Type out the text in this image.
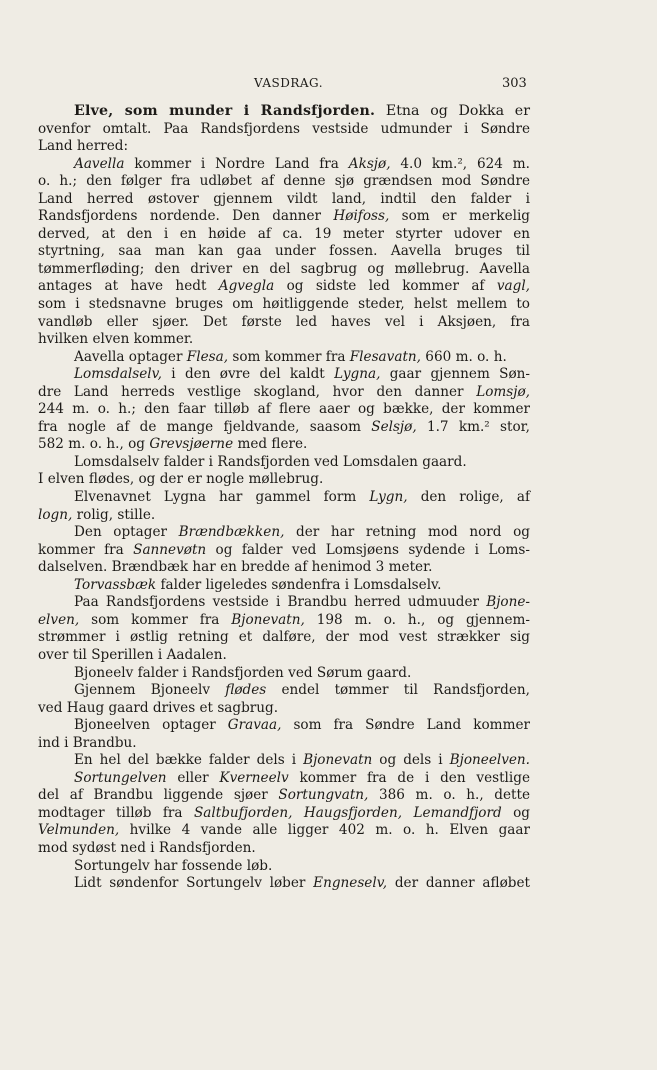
VASDRAG.	303
Elve, som munder i Randsfjorden. Etna og Dokka er
ovenfor omtalt. Paa Randsfjordens vestside udmunder i Søndre
Land herred:
Aavella kommer i Nordre Land fra Aksjø, 4.0 km.², 624 m.
o. h.; den følger fra udløbet af denne sjø grændsen mod Søndre
Land herred østover gjennem vildt land, indtil den falder i
Randsfjordens nordende. Den danner Høifoss, som er merkelig
derved, at den i en høide af ca. 19 meter styrter udover en
styrtning, saa man kan gaa under fossen. Aavella bruges til
tømmerfløding; den driver en del sagbrug og møllebrug. Aavella
antages at have hedt Agvegla og sidste led kommer af vagl,
som i stedsnavne bruges om høitliggende steder, helst mellem to
vandløb eller sjøer. Det første led haves vel i Aksjøen, fra
hvilken elven kommer.
Aavella optager Flesa, som kommer fra Flesavatn, 660 m. o. h.
Lomsdalselv, i den øvre del kaldt Lygna, gaar gjennem Søn-
dre Land herreds vestlige skogland, hvor den danner Lomsjø,
244 m. o. h.; den faar tilløb af flere aaer og bække, der kommer
fra nogle af de mange fjeldvande, saasom Selsjø, 1.7 km.² stor,
582 m. o. h., og Grevsjøerne med flere.
Lomsdalselv falder i Randsfjorden ved Lomsdalen gaard.
I elven flødes, og der er nogle møllebrug.
Elvenavnet Lygna har gammel form Lygn, den rolige, af
logn, rolig, stille.
Den optager Brændbækken, der har retning mod nord og
kommer fra Sannevøtn og falder ved Lomsjøens sydende i Loms-
dalselven. Brændbæk har en bredde af henimod 3 meter.
Torvassbæk falder ligeledes søndenfra i Lomsdalselv.
Paa Randsfjordens vestside i Brandbu herred udmuuder Bjone-
elven, som kommer fra Bjonevatn, 198 m. o. h., og gjennem-
strømmer i østlig retning et dalføre, der mod vest strækker sig
over til Sperillen i Aadalen.
Bjoneelv falder i Randsfjorden ved Sørum gaard.
Gjennem Bjoneelv flødes endel tømmer til Randsfjorden,
ved Haug gaard drives et sagbrug.
Bjoneelven optager Gravaa, som fra Søndre Land kommer
ind i Brandbu.
En hel del bække falder dels i Bjonevatn og dels i Bjoneelven.
Sortungelven eller Kverneelv kommer fra de i den vestlige
del af Brandbu liggende sjøer Sortungvatn, 386 m. o. h., dette
modtager tilløb fra Saltbufjorden, Haugsfjorden, Lemandfjord og
Velmunden, hvilke 4 vande alle ligger 402 m. o. h. Elven gaar
mod sydøst ned i Randsfjorden.
Sortungelv har fossende løb.
Lidt søndenfor Sortungelv løber Engneselv, der danner afløbet
